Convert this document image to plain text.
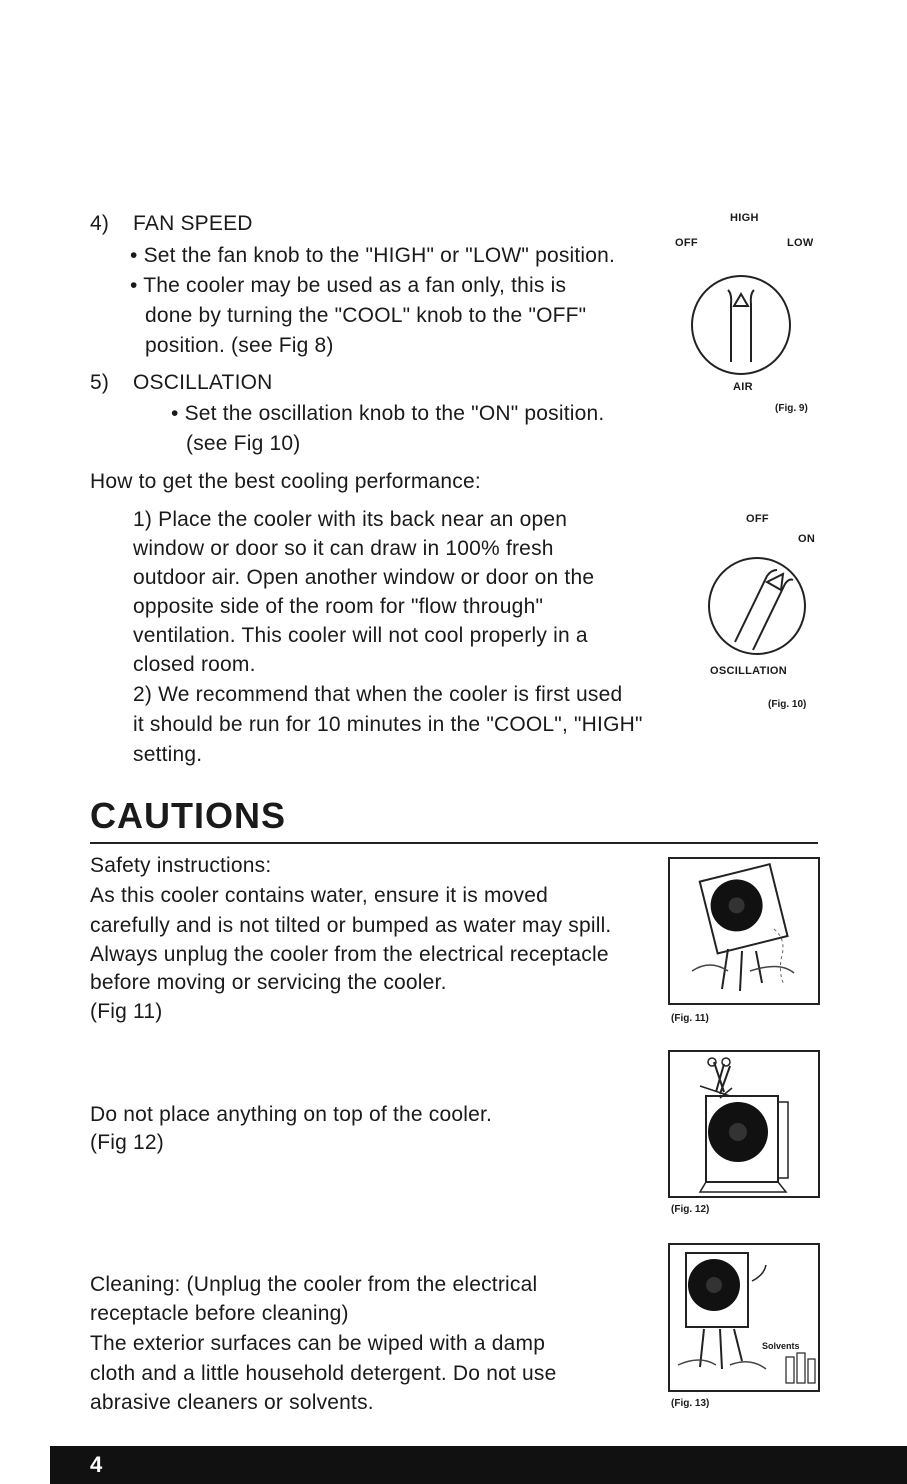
4) FAN SPEED
• Set the fan knob to the "HIGH" or "LOW" position.
• The cooler may be used as a fan only, this is
done by turning the "COOL" knob to the "OFF"
position. (see Fig 8)
5) OSCILLATION
• Set the oscillation knob to the "ON" position.
(see Fig 10)
How to get the best cooling performance:
1) Place the cooler with its back near an open
window or door so it can draw in 100% fresh
outdoor air. Open another window or door on the
opposite side of the room for "flow through"
ventilation. This cooler will not cool properly in a
closed room.
2) We recommend that when the cooler is first used
it should be run for 10 minutes in the "COOL", "HIGH"
setting.
HIGH
OFF	LOW
AIR
(Fig. 9)
OFF
ON
OSCILLATION
(Fig. 10)
CAUTIONS
Safety instructions:
As this cooler contains water, ensure it is moved
carefully and is not tilted or bumped as water may spill.
Always unplug the cooler from the electrical receptacle
before moving or servicing the cooler.
(Fig 11)	(Fig. 11)
Do not place anything on top of the cooler.
(Fig 12)
(Fig. 12)
Cleaning: (Unplug the cooler from the electrical
receptacle before cleaning)
The exterior surfaces can be wiped with a damp
cloth and a little household detergent. Do not use
abrasive cleaners or solvents.
Solvents
(Fig. 13)
4
